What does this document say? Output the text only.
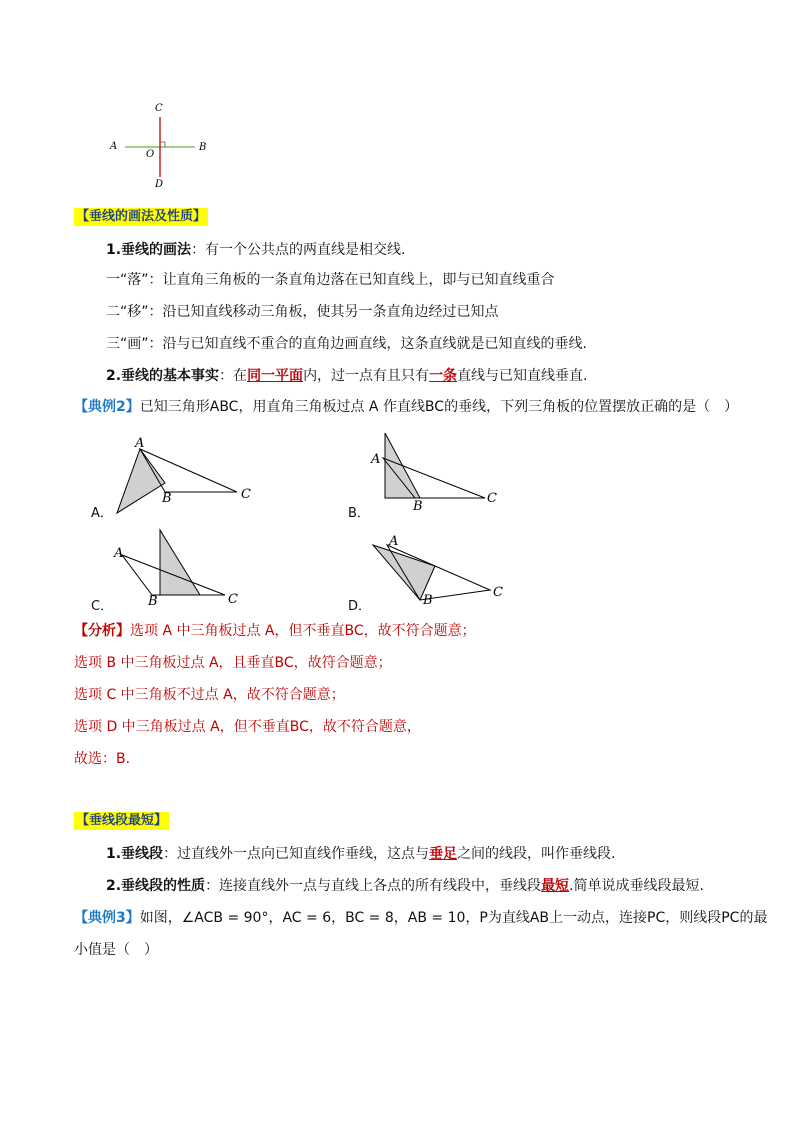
C
A
O
B
D
【垂线的画法及性质】
1.垂线的画法：有一个公共点的两直线是相交线.
一“落”：让直角三角板的一条直角边落在已知直线上，即与已知直线重合
二“移”：沿已知直线移动三角板，使其另一条直角边经过已知点
三“画”：沿与已知直线不重合的直角边画直线，这条直线就是已知直线的垂线.
2.垂线的基本事实：在同一平面内，过一点有且只有一条直线与已知直线垂直.
【典例2】已知三角形ABC，用直角三角板过点 A 作直线BC的垂线，下列三角板的位置摆放正确的是（　）
A
B	C
A．
A
B
C
B．
A
B	C
C．
A
B
C
D．
【分析】选项 A 中三角板过点 A，但不垂直BC，故不符合题意；
选项 B 中三角板过点 A，且垂直BC，故符合题意；
选项 C 中三角板不过点 A，故不符合题意；
选项 D 中三角板过点 A，但不垂直BC，故不符合题意，
故选：B．
【垂线段最短】
1.垂线段：过直线外一点向已知直线作垂线，这点与垂足之间的线段，叫作垂线段.
2.垂线段的性质：连接直线外一点与直线上各点的所有线段中，垂线段最短.简单说成垂线段最短.
【典例3】如图，∠ACB = 90°，AC = 6，BC = 8，AB = 10，P为直线AB上一动点，连接PC，则线段PC的最
小值是（　）
